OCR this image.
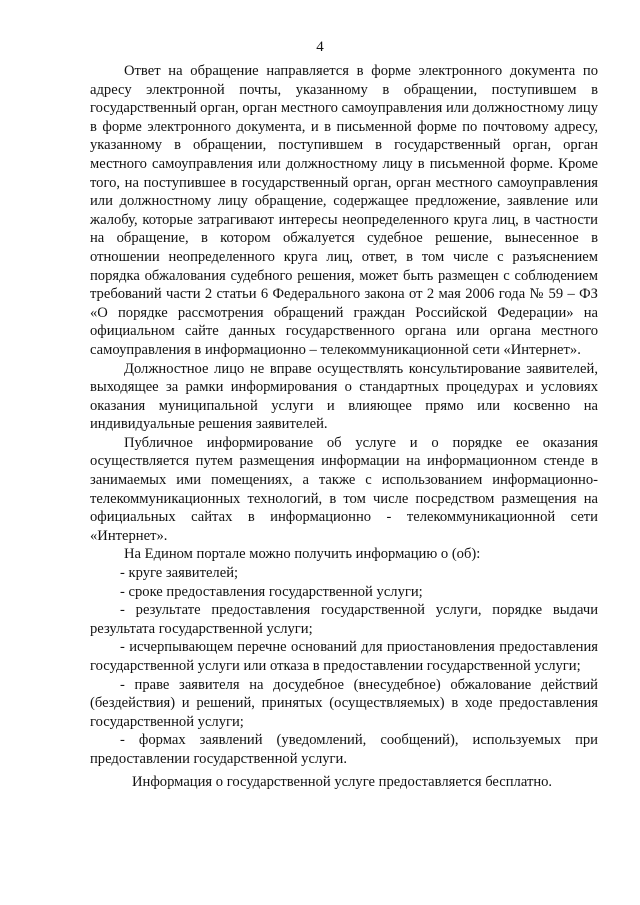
4

Ответ на обращение направляется в форме электронного документа по адресу электронной почты, указанному в обращении, поступившем в государственный орган, орган местного самоуправления или должностному лицу в форме электронного документа, и в письменной форме по почтовому адресу, указанному в обращении, поступившем в государственный орган, орган местного самоуправления или должностному лицу в письменной форме. Кроме того, на поступившее в государственный орган, орган местного самоуправления или должностному лицу обращение, содержащее предложение, заявление или жалобу, которые затрагивают интересы неопределенного круга лиц, в частности на обращение, в котором обжалуется судебное решение, вынесенное в отношении неопределенного круга лиц, ответ, в том числе с разъяснением порядка обжалования судебного решения, может быть размещен с соблюдением требований части 2 статьи 6 Федерального закона от 2 мая 2006 года № 59 – ФЗ «О порядке рассмотрения обращений граждан Российской Федерации» на официальном сайте данных государственного органа или органа местного самоуправления в информационно – телекоммуникационной сети «Интернет».

Должностное лицо не вправе осуществлять консультирование заявителей, выходящее за рамки информирования о стандартных процедурах и условиях оказания муниципальной услуги и влияющее прямо или косвенно на индивидуальные решения заявителей.

Публичное информирование об услуге и о порядке ее оказания осуществляется путем размещения информации на информационном стенде в занимаемых ими помещениях, а также с использованием информационно-телекоммуникационных технологий, в том числе посредством размещения на официальных сайтах в информационно - телекоммуникационной сети «Интернет».

На Едином портале можно получить информацию о (об):

- круге заявителей;

- сроке предоставления государственной услуги;

- результате предоставления государственной услуги, порядке выдачи результата государственной услуги;

- исчерпывающем перечне оснований для приостановления предоставления государственной услуги или отказа в предоставлении государственной услуги;

- праве заявителя на досудебное (внесудебное) обжалование действий (бездействия) и решений, принятых (осуществляемых) в ходе предоставления государственной услуги;

- формах заявлений (уведомлений, сообщений), используемых при предоставлении государственной услуги.

Информация о государственной услуге предоставляется бесплатно.
